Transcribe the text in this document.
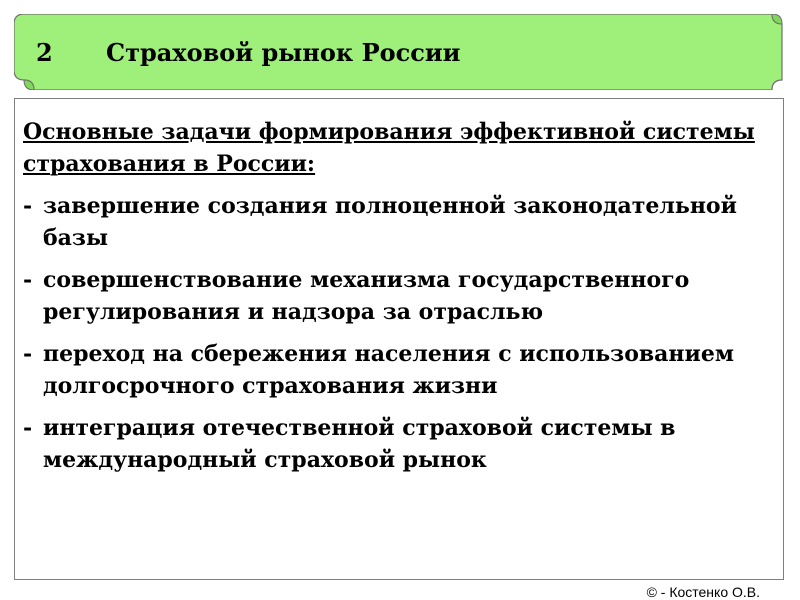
2 Страховой рынок России
Основные задачи формирования эффективной системы страхования в России:
- завершение создания полноценной законодательной базы
- совершенствование механизма государственного регулирования и надзора за отраслью
- переход на сбережения населения с использованием долгосрочного страхования жизни
- интеграция отечественной страховой системы в международный страховой рынок
© - Костенко О.В.
